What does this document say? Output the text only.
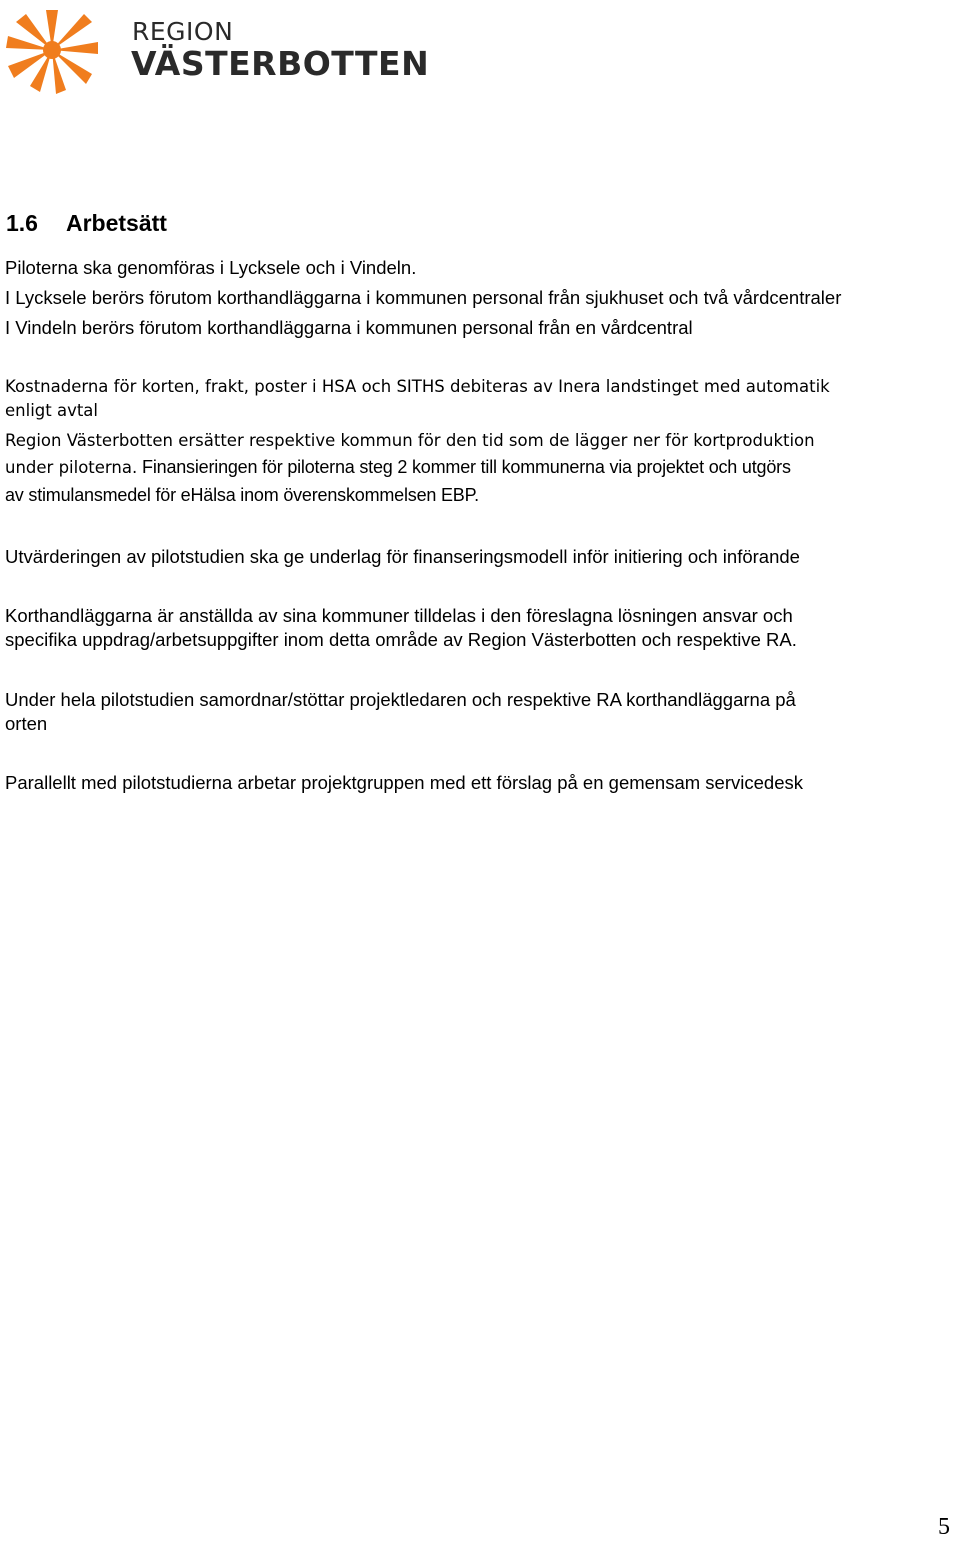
REGION
VÄSTERBOTTEN
1.6 Arbetsätt
Piloterna ska genomföras i Lycksele och i Vindeln.
I Lycksele berörs förutom korthandläggarna i kommunen personal från sjukhuset och två vårdcentraler
I Vindeln berörs förutom korthandläggarna i kommunen personal från en vårdcentral
Kostnaderna för korten, frakt, poster i HSA och SITHS debiteras av Inera landstinget med automatik
enligt avtal
Region Västerbotten ersätter respektive kommun för den tid som de lägger ner för kortproduktion
under piloterna. Finansieringen för piloterna steg 2 kommer till kommunerna via projektet och utgörs
av stimulansmedel för eHälsa inom överenskommelsen EBP.
Utvärderingen av pilotstudien ska ge underlag för finanseringsmodell inför initiering och införande
Korthandläggarna är anställda av sina kommuner tilldelas i den föreslagna lösningen ansvar och
specifika uppdrag/arbetsuppgifter inom detta område av Region Västerbotten och respektive RA.
Under hela pilotstudien samordnar/stöttar projektledaren och respektive RA korthandläggarna på
orten
Parallellt med pilotstudierna arbetar projektgruppen med ett förslag på en gemensam servicedesk
5
